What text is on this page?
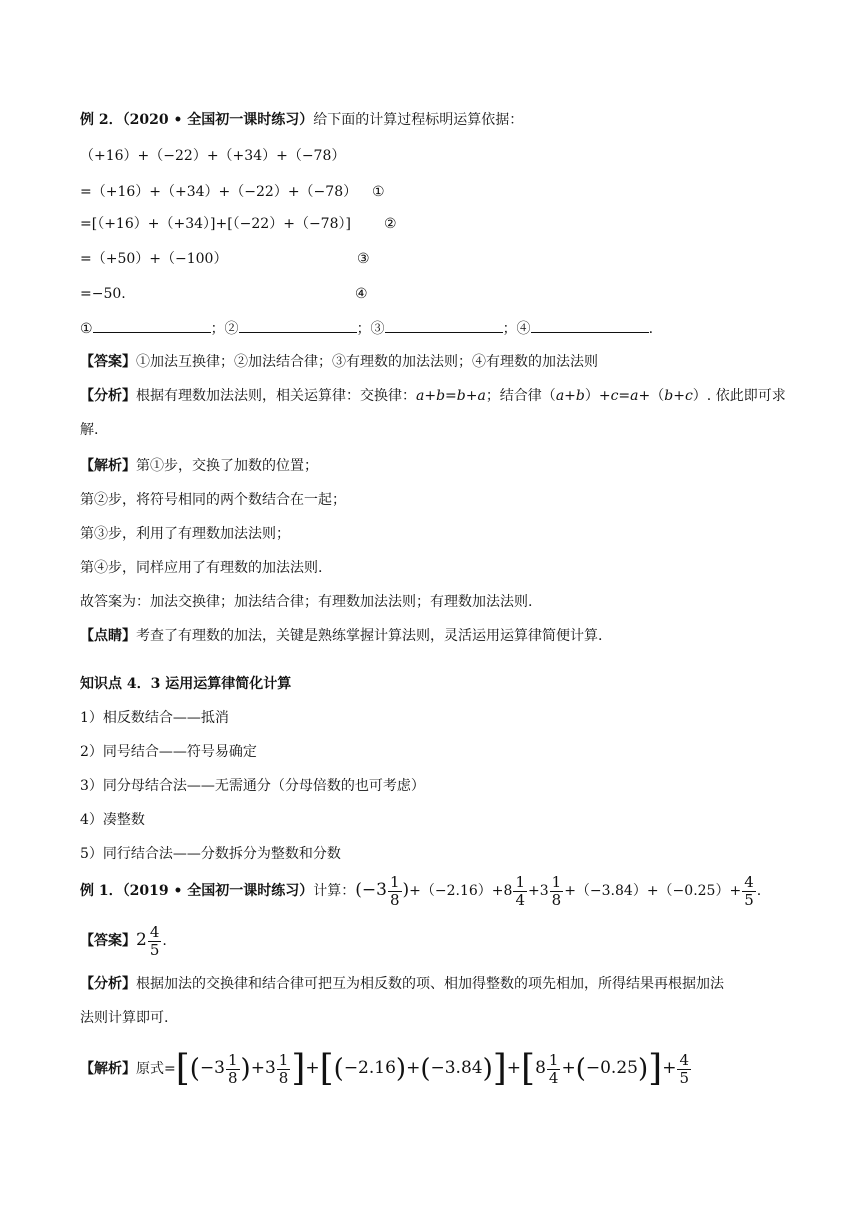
例 2．（2020 • 全国初一课时练习）给下面的计算过程标明运算依据：
（+16）+（−22）+（+34）+（−78）
=（+16）+（+34）+（−22）+（−78） ①
=[（+16）+（+34）]+[（−22）+（−78）] ②
=（+50）+（−100）	③
=−50.	④
①	；②	；③	；④	.
【答案】①加法互换律；②加法结合律；③有理数的加法法则；④有理数的加法法则
【分析】根据有理数加法法则，相关运算律：交换律：a+b=b+a；结合律（a+b）+c=a+（b+c）. 依此即可求
解.
【解析】第①步，交换了加数的位置；
第②步，将符号相同的两个数结合在一起；
第③步，利用了有理数加法法则；
第④步，同样应用了有理数的加法法则.
故答案为：加法交换律；加法结合律；有理数加法法则；有理数加法法则.
【点睛】考查了有理数的加法，关键是熟练掌握计算法则，灵活运用运算律简便计算.
知识点 4．3 运用运算律简化计算
1）相反数结合——抵消
2）同号结合——符号易确定
3）同分母结合法——无需通分（分母倍数的也可考虑）
4）凑整数
5）同行结合法——分数拆分为整数和分数
例 1．（2019 • 全国初一课时练习）计算：$(-3 \frac{1}{8} )+(-2.16)+8 \frac{1}{4} +3 \frac{1}{8} +(-3.84)+(-0.25)+ \frac{4}{5}$ .
【答案】$2 \frac{4}{5}$ .
【分析】根据加法的交换律和结合律可把互为相反数的项、相加得整数的项先相加，所得结果再根据加法
法则计算即可.
【解析】原式$=[(-3 \frac{1}{8} )+3 \frac{1}{8} ]+[(-2.16)+(-3.84)]+[8 \frac{1}{4} +(-0.25)]+ \frac{4}{5}$
